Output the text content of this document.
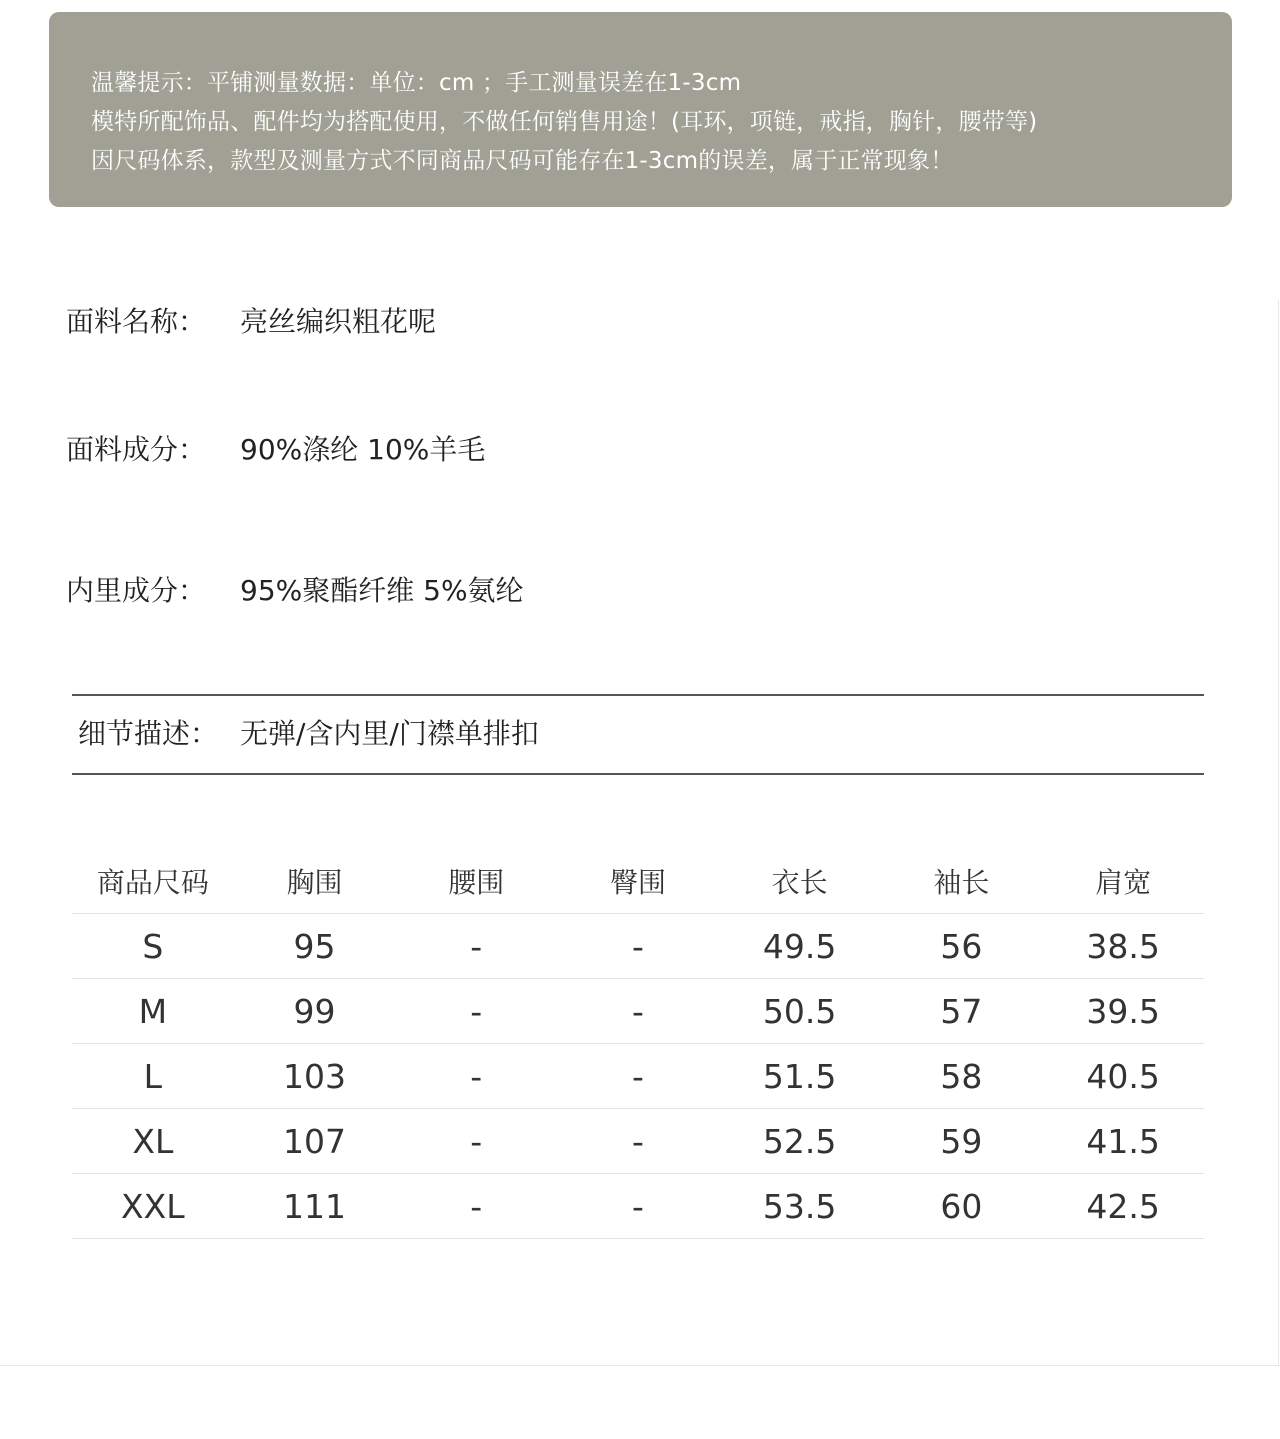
温馨提示：平铺测量数据：单位：cm ；手工测量误差在1-3cm
模特所配饰品、配件均为搭配使用，不做任何销售用途！(耳环，项链，戒指，胸针，腰带等)
因尺码体系，款型及测量方式不同商品尺码可能存在1-3cm的误差，属于正常现象！
面料名称： 亮丝编织粗花呢
面料成分： 90%涤纶 10%羊毛
内里成分： 95%聚酯纤维 5%氨纶
细节描述： 无弹/含内里/门襟单排扣
商品尺码	胸围	腰围	臀围	衣长	袖长	肩宽
S	95	-	-	49.5	56	38.5
M	99	-	-	50.5	57	39.5
L	103	-	-	51.5	58	40.5
XL	107	-	-	52.5	59	41.5
XXL	111	-	-	53.5	60	42.5
